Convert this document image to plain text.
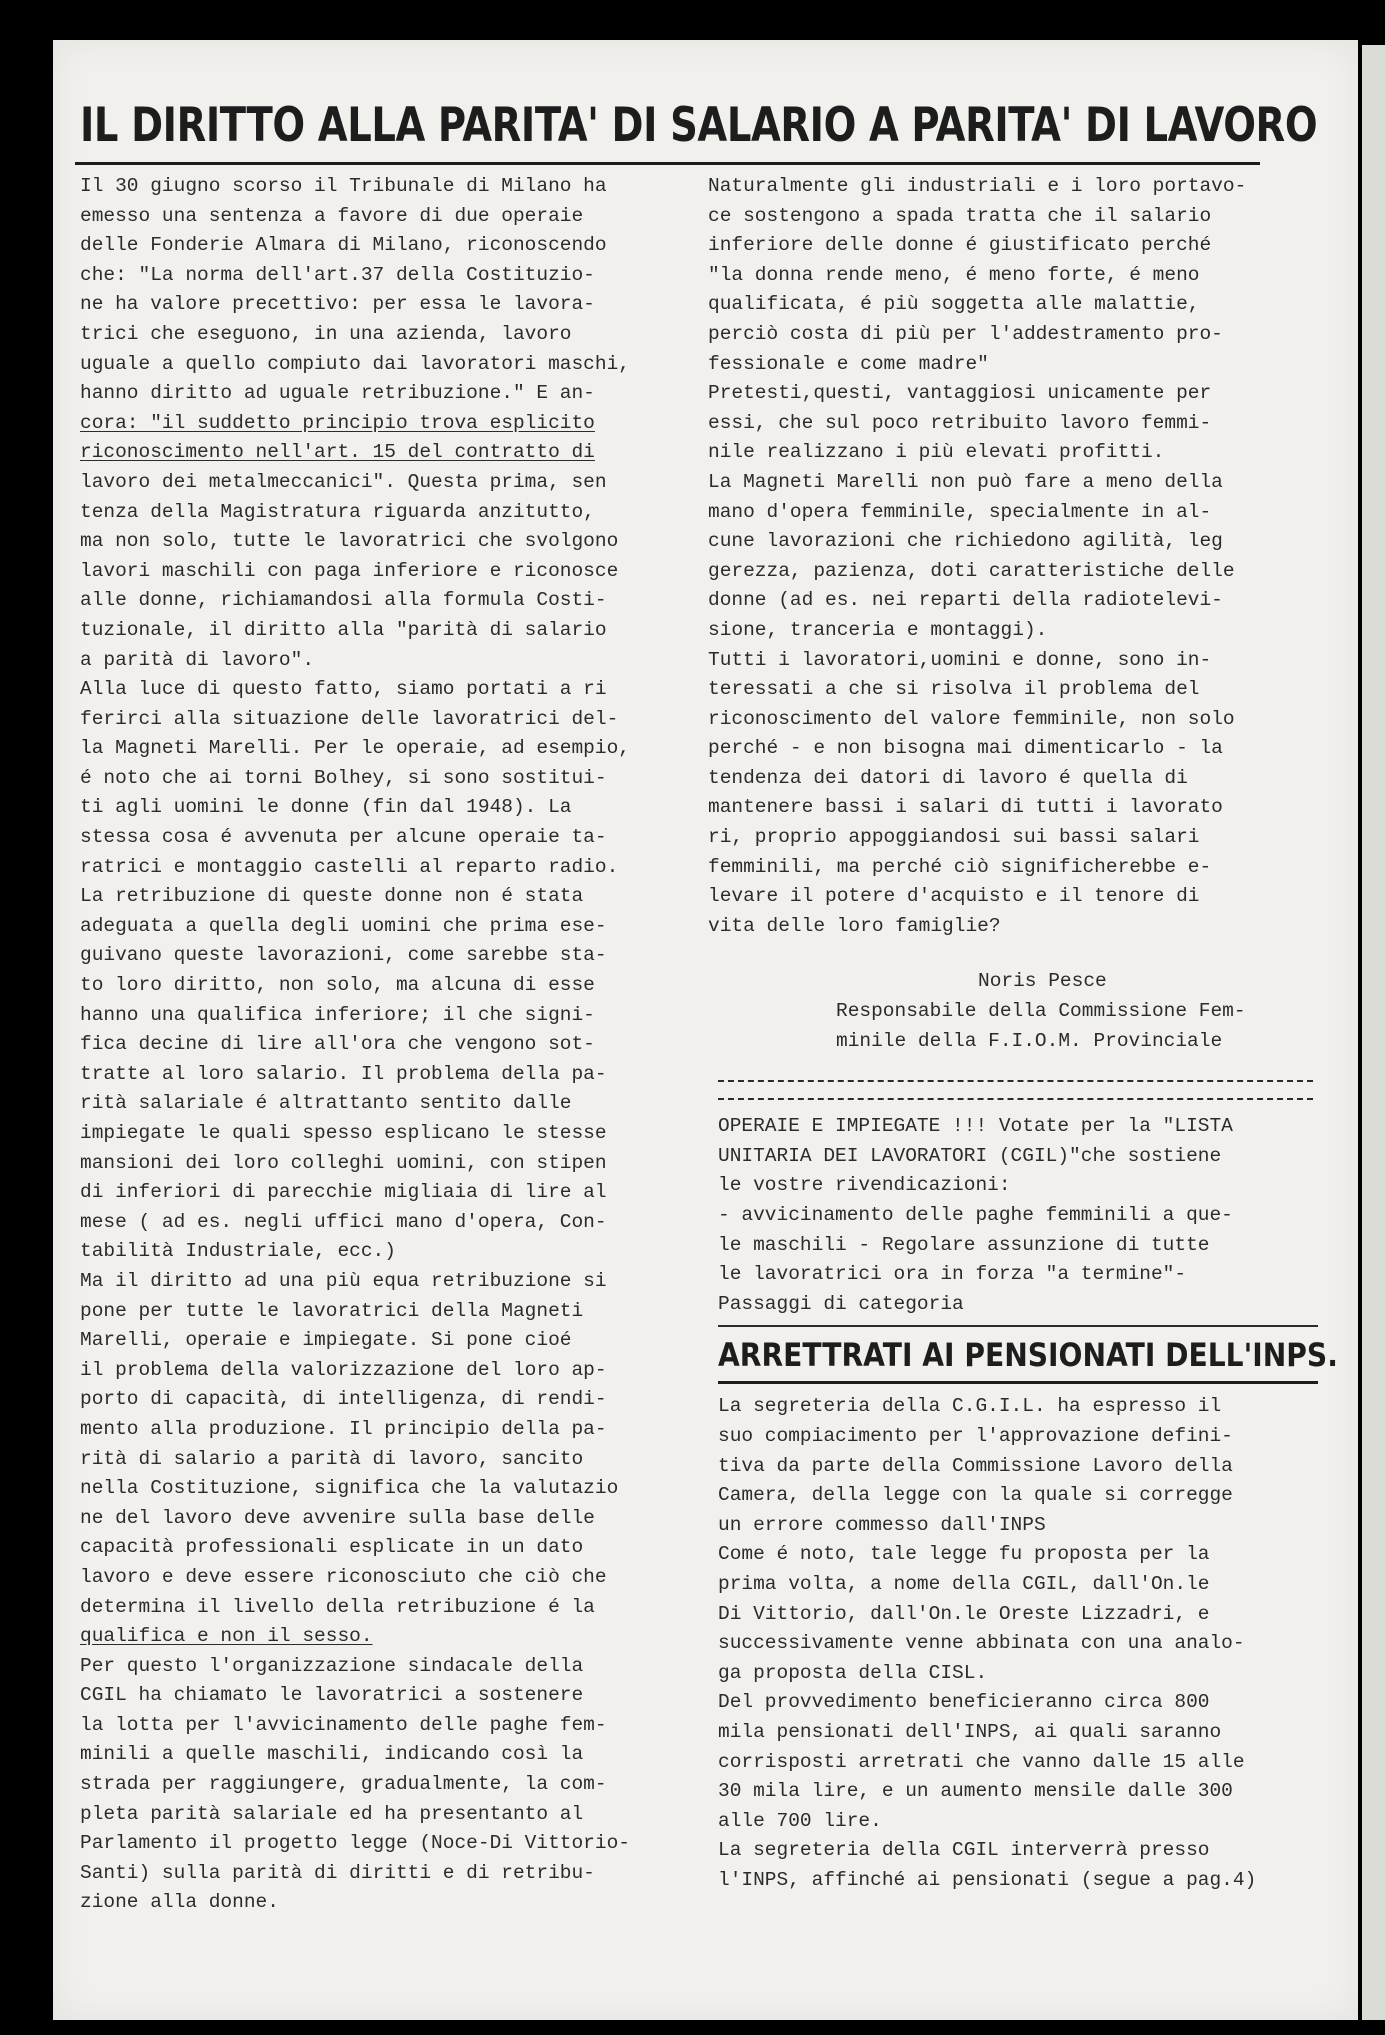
IL DIRITTO ALLA PARITA' DI SALARIO A PARITA' DI LAVORO
Il 30 giugno scorso il Tribunale di Milano ha
emesso una sentenza a favore di due operaie
delle Fonderie Almara di Milano, riconoscendo
che: "La norma dell'art.37 della Costituzio-
ne ha valore precettivo: per essa le lavora-
trici che eseguono, in una azienda, lavoro
uguale a quello compiuto dai lavoratori maschi,
hanno diritto ad uguale retribuzione." E an-
cora: "il suddetto principio trova esplicito
riconoscimento nell'art. 15 del contratto di
lavoro dei metalmeccanici". Questa prima, sen
tenza della Magistratura riguarda anzitutto,
ma non solo, tutte le lavoratrici che svolgono
lavori maschili con paga inferiore e riconosce
alle donne, richiamandosi alla formula Costi-
tuzionale, il diritto alla "parità di salario
a parità di lavoro".
Alla luce di questo fatto, siamo portati a ri
ferirci alla situazione delle lavoratrici del-
la Magneti Marelli. Per le operaie, ad esempio,
é noto che ai torni Bolhey, si sono sostitui-
ti agli uomini le donne (fin dal 1948). La
stessa cosa é avvenuta per alcune operaie ta-
ratrici e montaggio castelli al reparto radio.
La retribuzione di queste donne non é stata
adeguata a quella degli uomini che prima ese-
guivano queste lavorazioni, come sarebbe sta-
to loro diritto, non solo, ma alcuna di esse
hanno una qualifica inferiore; il che signi-
fica decine di lire all'ora che vengono sot-
tratte al loro salario. Il problema della pa-
rità salariale é altrattanto sentito dalle
impiegate le quali spesso esplicano le stesse
mansioni dei loro colleghi uomini, con stipen
di inferiori di parecchie migliaia di lire al
mese ( ad es. negli uffici mano d'opera, Con-
tabilità Industriale, ecc.)
Ma il diritto ad una più equa retribuzione si
pone per tutte le lavoratrici della Magneti
Marelli, operaie e impiegate. Si pone cioé
il problema della valorizzazione del loro ap-
porto di capacità, di intelligenza, di rendi-
mento alla produzione. Il principio della pa-
rità di salario a parità di lavoro, sancito
nella Costituzione, significa che la valutazio
ne del lavoro deve avvenire sulla base delle
capacità professionali esplicate in un dato
lavoro e deve essere riconosciuto che ciò che
determina il livello della retribuzione é la
qualifica e non il sesso.
Per questo l'organizzazione sindacale della
CGIL ha chiamato le lavoratrici a sostenere
la lotta per l'avvicinamento delle paghe fem-
minili a quelle maschili, indicando così la
strada per raggiungere, gradualmente, la com-
pleta parità salariale ed ha presentanto al
Parlamento il progetto legge (Noce-Di Vittorio-
Santi) sulla parità di diritti e di retribu-
zione alla donne.
Naturalmente gli industriali e i loro portavo-
ce sostengono a spada tratta che il salario
inferiore delle donne é giustificato perché
"la donna rende meno, é meno forte, é meno
qualificata, é più soggetta alle malattie,
perciò costa di più per l'addestramento pro-
fessionale e come madre"
Pretesti,questi, vantaggiosi unicamente per
essi, che sul poco retribuito lavoro femmi-
nile realizzano i più elevati profitti.
La Magneti Marelli non può fare a meno della
mano d'opera femminile, specialmente in al-
cune lavorazioni che richiedono agilità, leg
gerezza, pazienza, doti caratteristiche delle
donne (ad es. nei reparti della radiotelevi-
sione, tranceria e montaggi).
Tutti i lavoratori,uomini e donne, sono in-
teressati a che si risolva il problema del
riconoscimento del valore femminile, non solo
perché - e non bisogna mai dimenticarlo - la
tendenza dei datori di lavoro é quella di
mantenere bassi i salari di tutti i lavorato
ri, proprio appoggiandosi sui bassi salari
femminili, ma perché ciò significherebbe e-
levare il potere d'acquisto e il tenore di
vita delle loro famiglie?
Noris Pesce
Responsabile della Commissione Fem-
minile della F.I.O.M. Provinciale
OPERAIE E IMPIEGATE !!! Votate per la "LISTA
UNITARIA DEI LAVORATORI (CGIL)"che sostiene
le vostre rivendicazioni:
- avvicinamento delle paghe femminili a que-
le maschili - Regolare assunzione di tutte
le lavoratrici ora in forza "a termine"-
Passaggi di categoria
ARRETTRATI AI PENSIONATI DELL'INPS.
La segreteria della C.G.I.L. ha espresso il
suo compiacimento per l'approvazione defini-
tiva da parte della Commissione Lavoro della
Camera, della legge con la quale si corregge
un errore commesso dall'INPS
Come é noto, tale legge fu proposta per la
prima volta, a nome della CGIL, dall'On.le
Di Vittorio, dall'On.le Oreste Lizzadri, e
successivamente venne abbinata con una analo-
ga proposta della CISL.
Del provvedimento beneficieranno circa 800
mila pensionati dell'INPS, ai quali saranno
corrisposti arretrati che vanno dalle 15 alle
30 mila lire, e un aumento mensile dalle 300
alle 700 lire.
La segreteria della CGIL interverrà presso
l'INPS, affinché ai pensionati (segue a pag.4)
